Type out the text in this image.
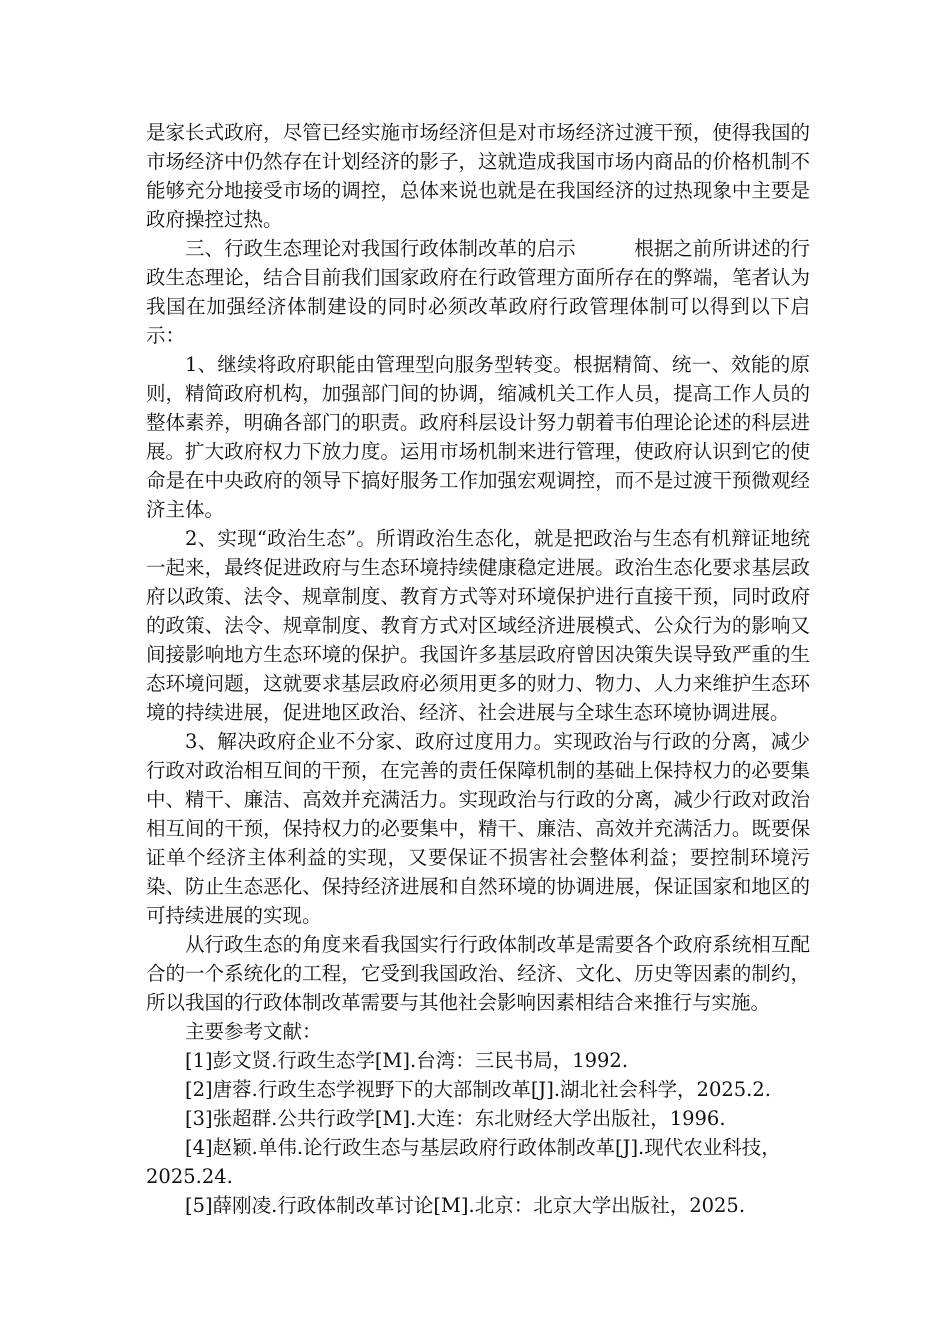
是家长式政府，尽管已经实施市场经济但是对市场经济过渡干预，使得我国的市场经济中仍然存在计划经济的影子，这就造成我国市场内商品的价格机制不能够充分地接受市场的调控，总体来说也就是在我国经济的过热现象中主要是政府操控过热。

三、行政生态理论对我国行政体制改革的启示	根据之前所讲述的行政生态理论，结合目前我们国家政府在行政管理方面所存在的弊端，笔者认为我国在加强经济体制建设的同时必须改革政府行政管理体制可以得到以下启示：

1、继续将政府职能由管理型向服务型转变。根据精简、统一、效能的原则，精简政府机构，加强部门间的协调，缩减机关工作人员，提高工作人员的整体素养，明确各部门的职责。政府科层设计努力朝着韦伯理论论述的科层进展。扩大政府权力下放力度。运用市场机制来进行管理，使政府认识到它的使命是在中央政府的领导下搞好服务工作加强宏观调控，而不是过渡干预微观经济主体。

2、实现“政治生态”。所谓政治生态化，就是把政治与生态有机辩证地统一起来，最终促进政府与生态环境持续健康稳定进展。政治生态化要求基层政府以政策、法令、规章制度、教育方式等对环境保护进行直接干预，同时政府的政策、法令、规章制度、教育方式对区域经济进展模式、公众行为的影响又间接影响地方生态环境的保护。我国许多基层政府曾因决策失误导致严重的生态环境问题，这就要求基层政府必须用更多的财力、物力、人力来维护生态环境的持续进展，促进地区政治、经济、社会进展与全球生态环境协调进展。

3、解决政府企业不分家、政府过度用力。实现政治与行政的分离，减少行政对政治相互间的干预，在完善的责任保障机制的基础上保持权力的必要集中、精干、廉洁、高效并充满活力。实现政治与行政的分离，减少行政对政治相互间的干预，保持权力的必要集中，精干、廉洁、高效并充满活力。既要保证单个经济主体利益的实现，又要保证不损害社会整体利益；要控制环境污染、防止生态恶化、保持经济进展和自然环境的协调进展，保证国家和地区的可持续进展的实现。

从行政生态的角度来看我国实行行政体制改革是需要各个政府系统相互配合的一个系统化的工程，它受到我国政治、经济、文化、历史等因素的制约，所以我国的行政体制改革需要与其他社会影响因素相结合来推行与实施。

主要参考文献：

[1]彭文贤.行政生态学[M].台湾：三民书局，1992.

[2]唐蓉.行政生态学视野下的大部制改革[J].湖北社会科学，2025.2.

[3]张超群.公共行政学[M].大连：东北财经大学出版社，1996.

[4]赵颖.单伟.论行政生态与基层政府行政体制改革[J].现代农业科技，2025.24.

[5]薛刚凌.行政体制改革讨论[M].北京：北京大学出版社，2025.
